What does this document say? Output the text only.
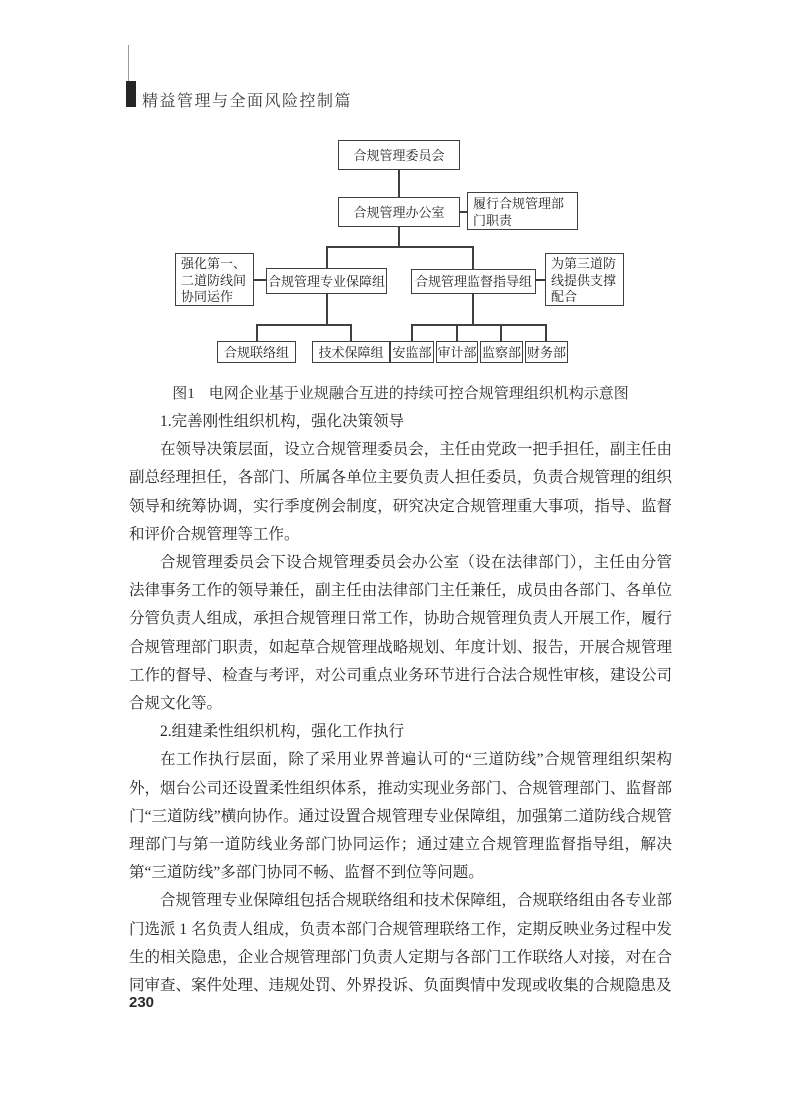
精益管理与全面风险控制篇
合规管理委员会
合规管理办公室
履行合规管理部门职责
强化第一、二道防线间协同运作
合规管理专业保障组	合规管理监督指导组
为第三道防线提供支撑配合
合规联络组	技术保障组 安监部 审计部 监察部 财务部
图1 电网企业基于业规融合互进的持续可控合规管理组织机构示意图

1.完善刚性组织机构，强化决策领导

在领导决策层面，设立合规管理委员会，主任由党政一把手担任，副主任由副总经理担任，各部门、所属各单位主要负责人担任委员，负责合规管理的组织领导和统筹协调，实行季度例会制度，研究决定合规管理重大事项，指导、监督和评价合规管理等工作。

合规管理委员会下设合规管理委员会办公室（设在法律部门），主任由分管法律事务工作的领导兼任，副主任由法律部门主任兼任，成员由各部门、各单位分管负责人组成，承担合规管理日常工作，协助合规管理负责人开展工作，履行合规管理部门职责，如起草合规管理战略规划、年度计划、报告，开展合规管理工作的督导、检查与考评，对公司重点业务环节进行合法合规性审核，建设公司合规文化等。

2.组建柔性组织机构，强化工作执行

在工作执行层面，除了采用业界普遍认可的“三道防线”合规管理组织架构外，烟台公司还设置柔性组织体系，推动实现业务部门、合规管理部门、监督部门“三道防线”横向协作。通过设置合规管理专业保障组，加强第二道防线合规管理部门与第一道防线业务部门协同运作；通过建立合规管理监督指导组，解决第“三道防线”多部门协同不畅、监督不到位等问题。

合规管理专业保障组包括合规联络组和技术保障组，合规联络组由各专业部门选派 1 名负责人组成，负责本部门合规管理联络工作，定期反映业务过程中发生的相关隐患，企业合规管理部门负责人定期与各部门工作联络人对接，对在合同审查、案件处理、违规处罚、外界投诉、负面舆情中发现或收集的合规隐患及

230
